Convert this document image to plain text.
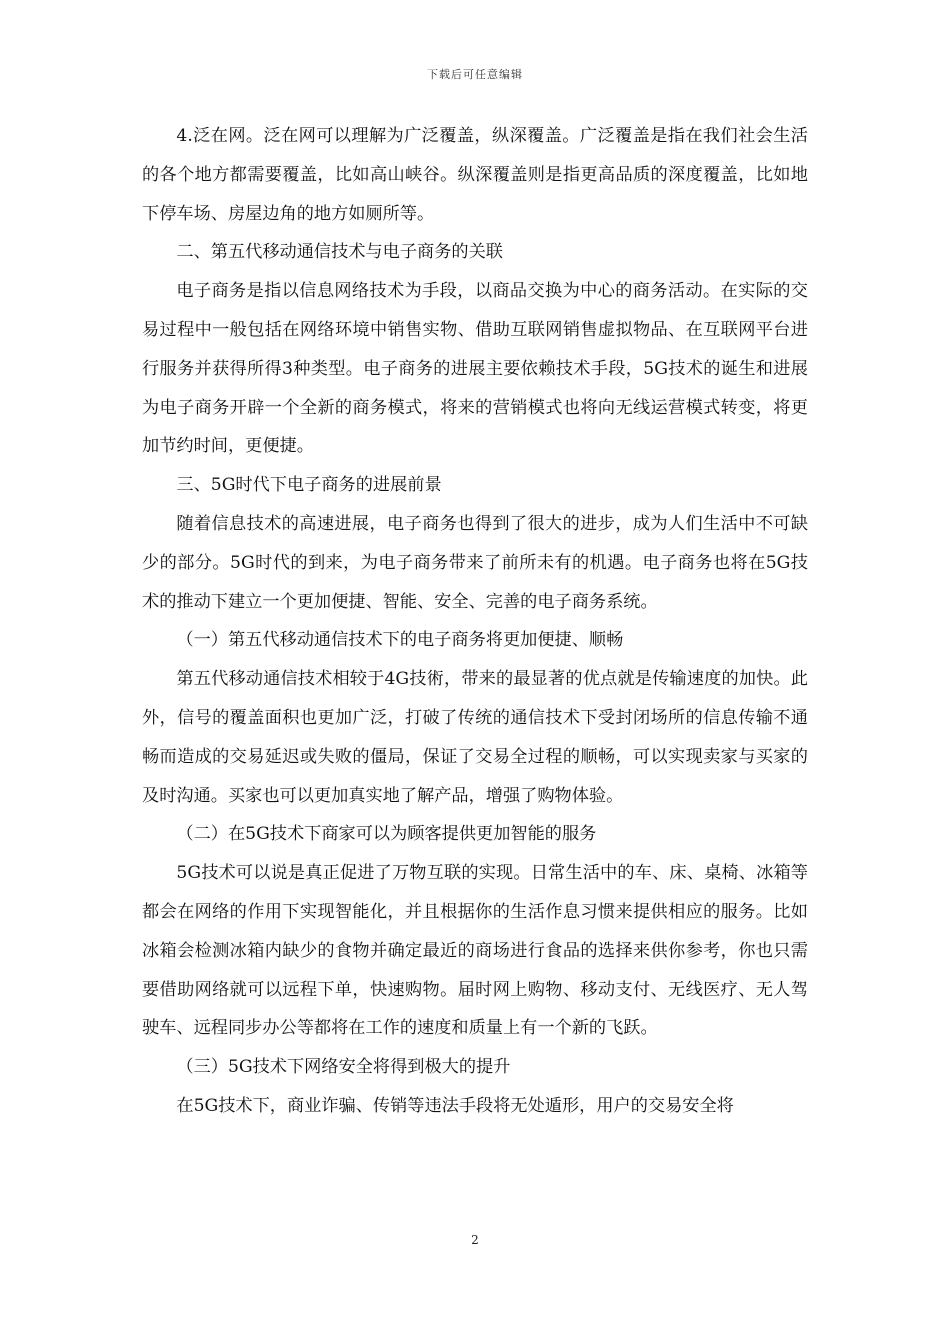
下载后可任意编辑

4.泛在网。泛在网可以理解为广泛覆盖，纵深覆盖。广泛覆盖是指在我们社会生活的各个地方都需要覆盖，比如高山峡谷。纵深覆盖则是指更高品质的深度覆盖，比如地下停车场、房屋边角的地方如厕所等。

二、第五代移动通信技术与电子商务的关联

电子商务是指以信息网络技术为手段，以商品交换为中心的商务活动。在实际的交易过程中一般包括在网络环境中销售实物、借助互联网销售虚拟物品、在互联网平台进行服务并获得所得3种类型。电子商务的进展主要依赖技术手段，5G技术的诞生和进展为电子商务开辟一个全新的商务模式，将来的营销模式也将向无线运营模式转变，将更加节约时间，更便捷。

三、5G时代下电子商务的进展前景

随着信息技术的高速进展，电子商务也得到了很大的进步，成为人们生活中不可缺少的部分。5G时代的到来，为电子商务带来了前所未有的机遇。电子商务也将在5G技术的推动下建立一个更加便捷、智能、安全、完善的电子商务系统。

（一）第五代移动通信技术下的电子商务将更加便捷、顺畅

第五代移动通信技术相较于4G技術，带来的最显著的优点就是传输速度的加快。此外，信号的覆盖面积也更加广泛，打破了传统的通信技术下受封闭场所的信息传输不通畅而造成的交易延迟或失败的僵局，保证了交易全过程的顺畅，可以实现卖家与买家的及时沟通。买家也可以更加真实地了解产品，增强了购物体验。

（二）在5G技术下商家可以为顾客提供更加智能的服务

5G技术可以说是真正促进了万物互联的实现。日常生活中的车、床、桌椅、冰箱等都会在网络的作用下实现智能化，并且根据你的生活作息习惯来提供相应的服务。比如冰箱会检测冰箱内缺少的食物并确定最近的商场进行食品的选择来供你参考，你也只需要借助网络就可以远程下单，快速购物。届时网上购物、移动支付、无线医疗、无人驾驶车、远程同步办公等都将在工作的速度和质量上有一个新的飞跃。

（三）5G技术下网络安全将得到极大的提升

在5G技术下，商业诈骗、传销等违法手段将无处遁形，用户的交易安全将

2
